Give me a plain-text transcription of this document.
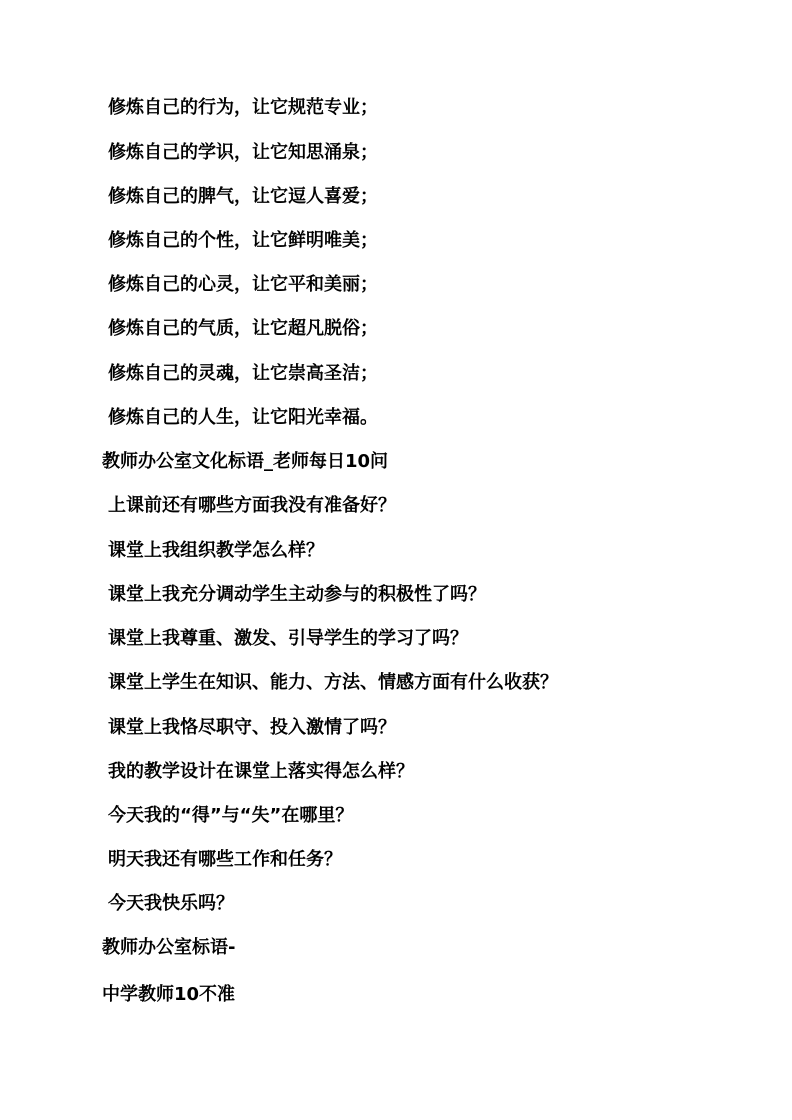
修炼自己的行为，让它规范专业；
修炼自己的学识，让它知思涌泉；
修炼自己的脾气，让它逗人喜爱；
修炼自己的个性，让它鲜明唯美；
修炼自己的心灵，让它平和美丽；
修炼自己的气质，让它超凡脱俗；
修炼自己的灵魂，让它崇高圣洁；
修炼自己的人生，让它阳光幸福。
教师办公室文化标语_老师每日10问
上课前还有哪些方面我没有准备好？
课堂上我组织教学怎么样？
课堂上我充分调动学生主动参与的积极性了吗？
课堂上我尊重、激发、引导学生的学习了吗？
课堂上学生在知识、能力、方法、情感方面有什么收获？
课堂上我恪尽职守、投入激情了吗？
我的教学设计在课堂上落实得怎么样？
今天我的“得”与“失”在哪里？
明天我还有哪些工作和任务？
今天我快乐吗？
教师办公室标语-
中学教师10不准
